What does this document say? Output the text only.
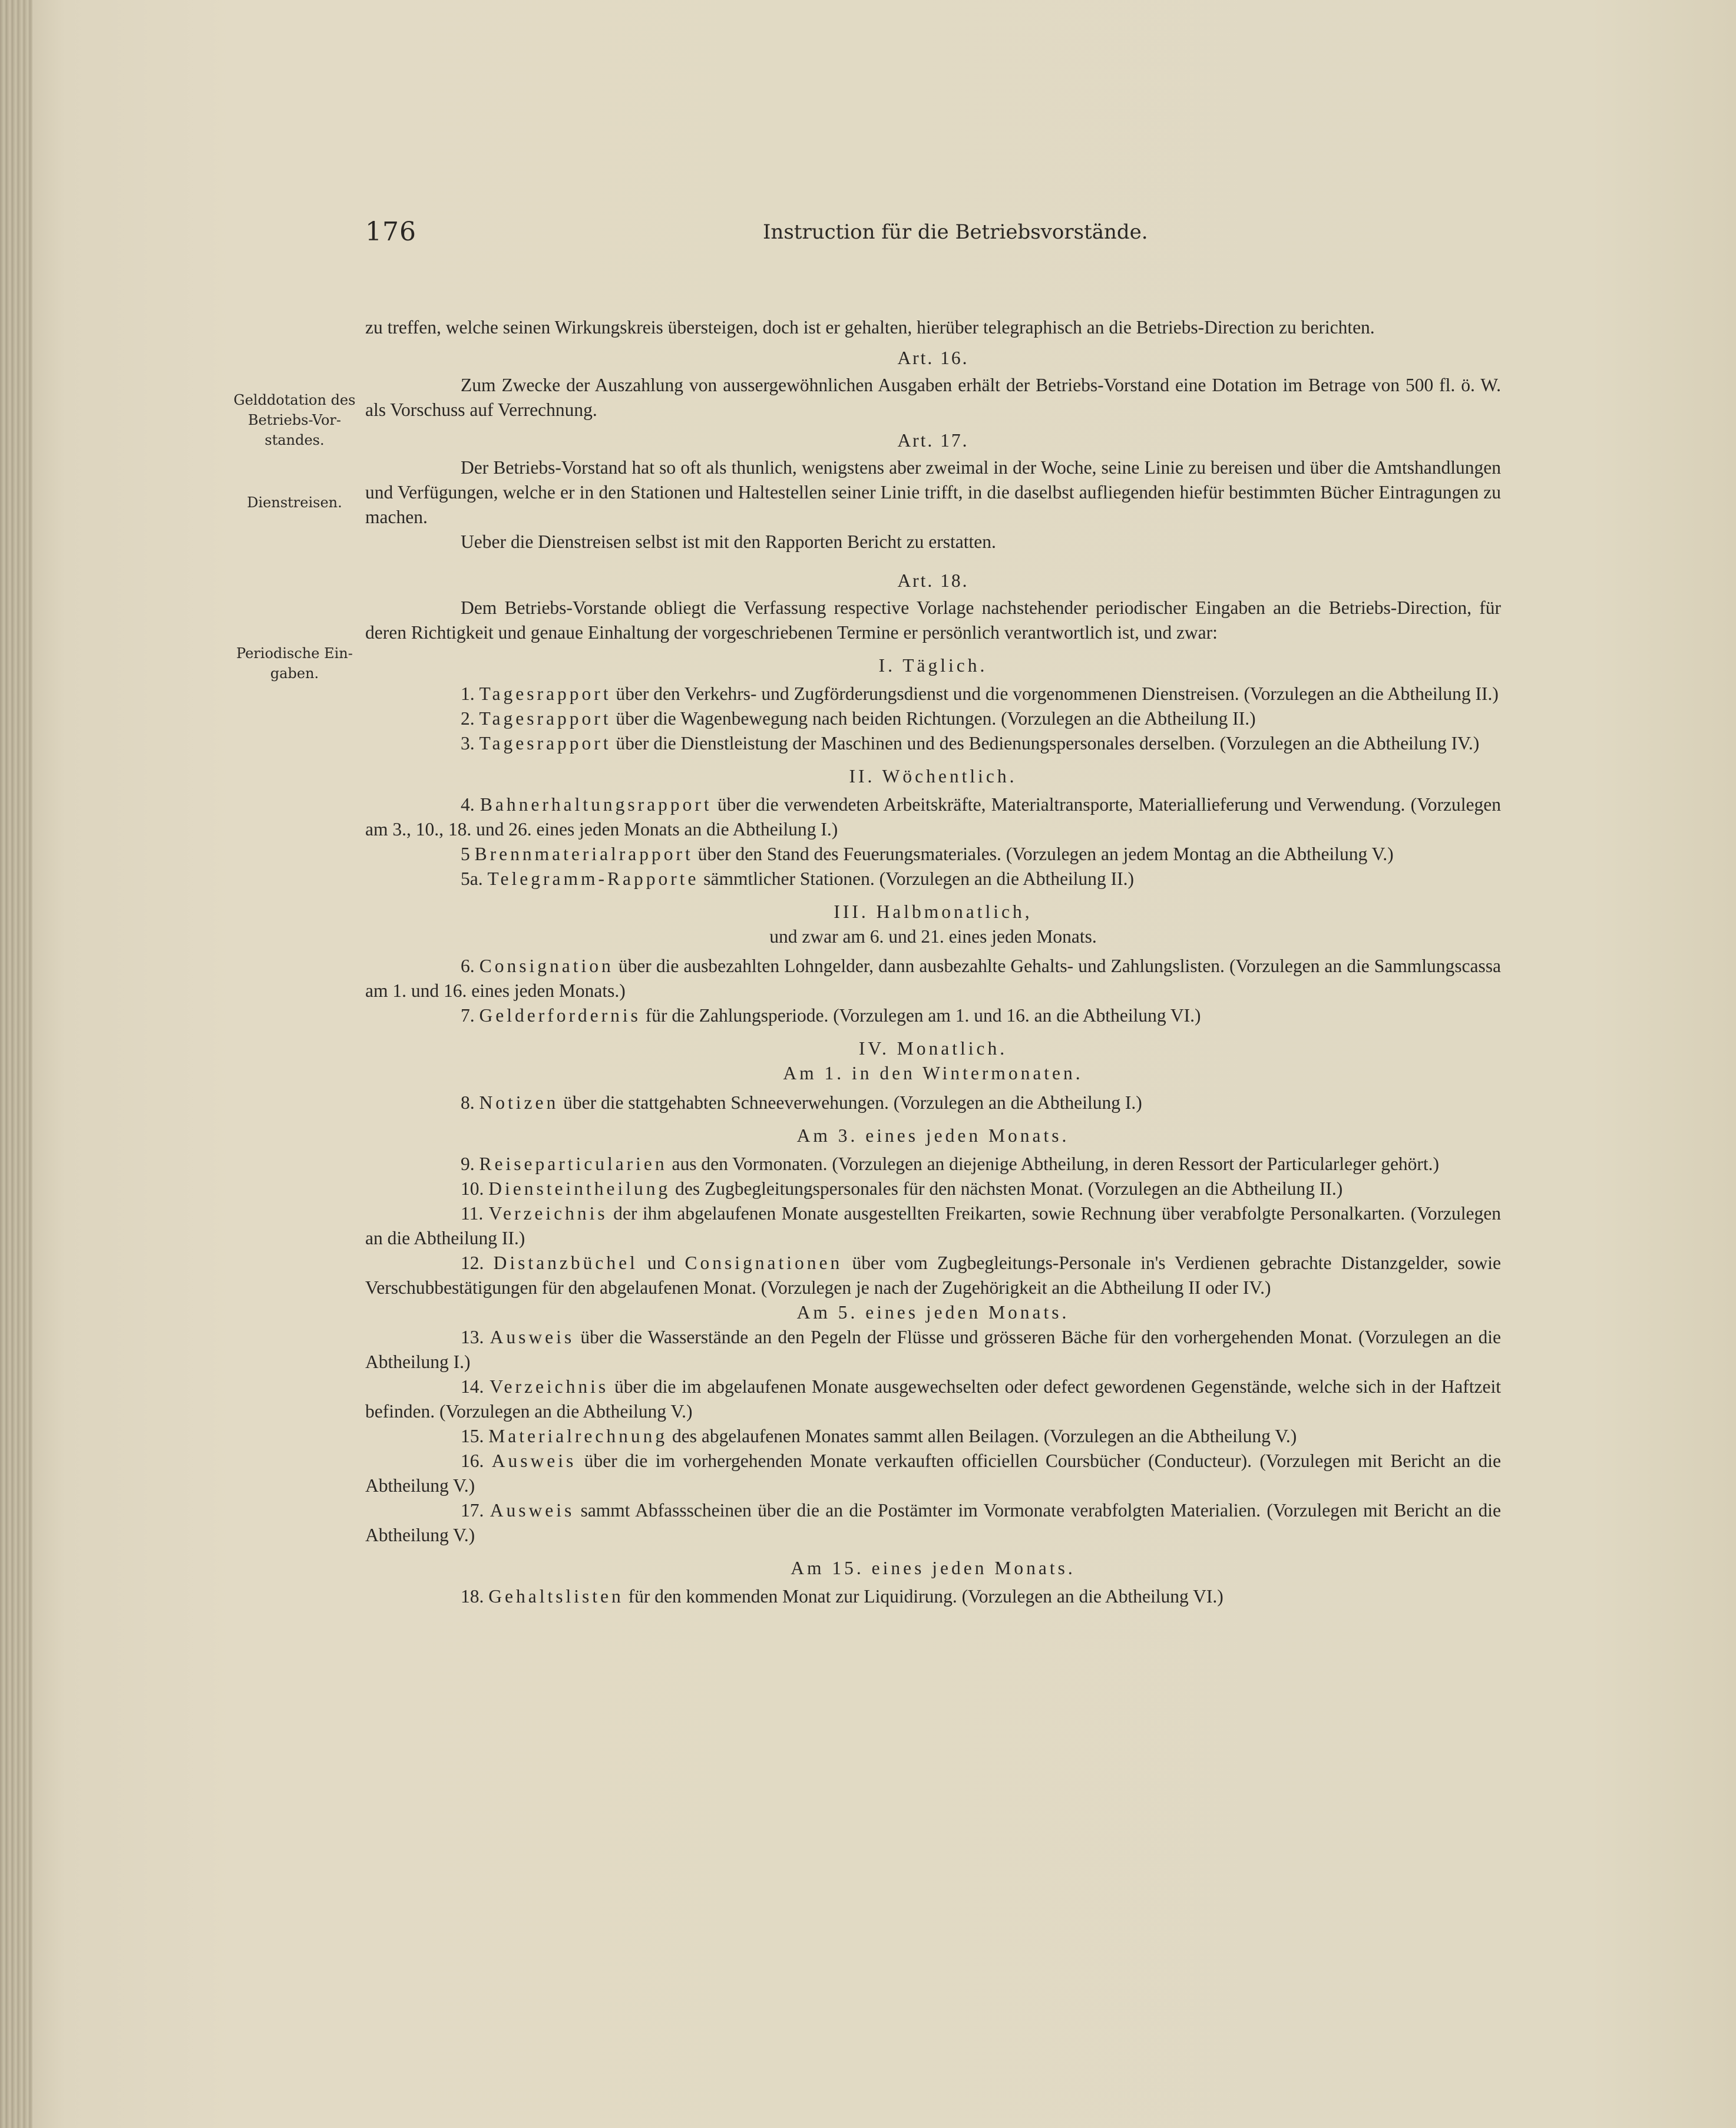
176	Instruction für die Betriebsvorstände.
Gelddotation des Betriebs-Vor-standes.
Dienstreisen.
Periodische Ein-gaben.

zu treffen, welche seinen Wirkungskreis übersteigen, doch ist er gehalten, hierüber telegraphisch an die Betriebs-Direction zu berichten.

Art. 16.

Zum Zwecke der Auszahlung von aussergewöhnlichen Ausgaben erhält der Betriebs-Vorstand eine Dotation im Betrage von 500 fl. ö. W. als Vorschuss auf Verrechnung.

Art. 17.

Der Betriebs-Vorstand hat so oft als thunlich, wenigstens aber zweimal in der Woche, seine Linie zu bereisen und über die Amtshandlungen und Verfügungen, welche er in den Stationen und Haltestellen seiner Linie trifft, in die daselbst aufliegenden hiefür bestimmten Bücher Eintragungen zu machen.

Ueber die Dienstreisen selbst ist mit den Rapporten Bericht zu erstatten.

Art. 18.

Dem Betriebs-Vorstande obliegt die Verfassung respective Vorlage nachstehender periodischer Eingaben an die Betriebs-Direction, für deren Richtigkeit und genaue Einhaltung der vorgeschriebenen Termine er persönlich verantwortlich ist, und zwar:

I. Täglich.

1. Tagesrapport über den Verkehrs- und Zugförderungsdienst und die vorgenommenen Dienstreisen. (Vorzulegen an die Abtheilung II.)

2. Tagesrapport über die Wagenbewegung nach beiden Richtungen. (Vorzulegen an die Abtheilung II.)

3. Tagesrapport über die Dienstleistung der Maschinen und des Bedienungspersonales derselben. (Vorzulegen an die Abtheilung IV.)

II. Wöchentlich.

4. Bahnerhaltungsrapport über die verwendeten Arbeitskräfte, Materialtransporte, Materiallieferung und Verwendung. (Vorzulegen am 3., 10., 18. und 26. eines jeden Monats an die Abtheilung I.)

5 Brennmaterialrapport über den Stand des Feuerungsmateriales. (Vorzulegen an jedem Montag an die Abtheilung V.)

5a. Telegramm-Rapporte sämmtlicher Stationen. (Vorzulegen an die Abtheilung II.)

III. Halbmonatlich,
und zwar am 6. und 21. eines jeden Monats.

6. Consignation über die ausbezahlten Lohngelder, dann ausbezahlte Gehalts- und Zahlungslisten. (Vorzulegen an die Sammlungscassa am 1. und 16. eines jeden Monats.)

7. Gelderfordernis für die Zahlungsperiode. (Vorzulegen am 1. und 16. an die Abtheilung VI.)

IV. Monatlich.
Am 1. in den Wintermonaten.

8. Notizen über die stattgehabten Schneeverwehungen. (Vorzulegen an die Abtheilung I.)

Am 3. eines jeden Monats.

9. Reiseparticularien aus den Vormonaten. (Vorzulegen an diejenige Abtheilung, in deren Ressort der Particularleger gehört.)

10. Diensteintheilung des Zugbegleitungspersonales für den nächsten Monat. (Vorzulegen an die Abtheilung II.)

11. Verzeichnis der ihm abgelaufenen Monate ausgestellten Freikarten, sowie Rechnung über verabfolgte Personalkarten. (Vorzulegen an die Abtheilung II.)

12. Distanzbüchel und Consignationen über vom Zugbegleitungs-Personale in's Verdienen gebrachte Distanzgelder, sowie Verschubbestätigungen für den abgelaufenen Monat. (Vorzulegen je nach der Zugehörigkeit an die Abtheilung II oder IV.)

Am 5. eines jeden Monats.

13. Ausweis über die Wasserstände an den Pegeln der Flüsse und grösseren Bäche für den vorhergehenden Monat. (Vorzulegen an die Abtheilung I.)

14. Verzeichnis über die im abgelaufenen Monate ausgewechselten oder defect gewordenen Gegenstände, welche sich in der Haftzeit befinden. (Vorzulegen an die Abtheilung V.)

15. Materialrechnung des abgelaufenen Monates sammt allen Beilagen. (Vorzulegen an die Abtheilung V.)

16. Ausweis über die im vorhergehenden Monate verkauften officiellen Coursbücher (Conducteur). (Vorzulegen mit Bericht an die Abtheilung V.)

17. Ausweis sammt Abfassscheinen über die an die Postämter im Vormonate verabfolgten Materialien. (Vorzulegen mit Bericht an die Abtheilung V.)

Am 15. eines jeden Monats.

18. Gehaltslisten für den kommenden Monat zur Liquidirung. (Vorzulegen an die Abtheilung VI.)
